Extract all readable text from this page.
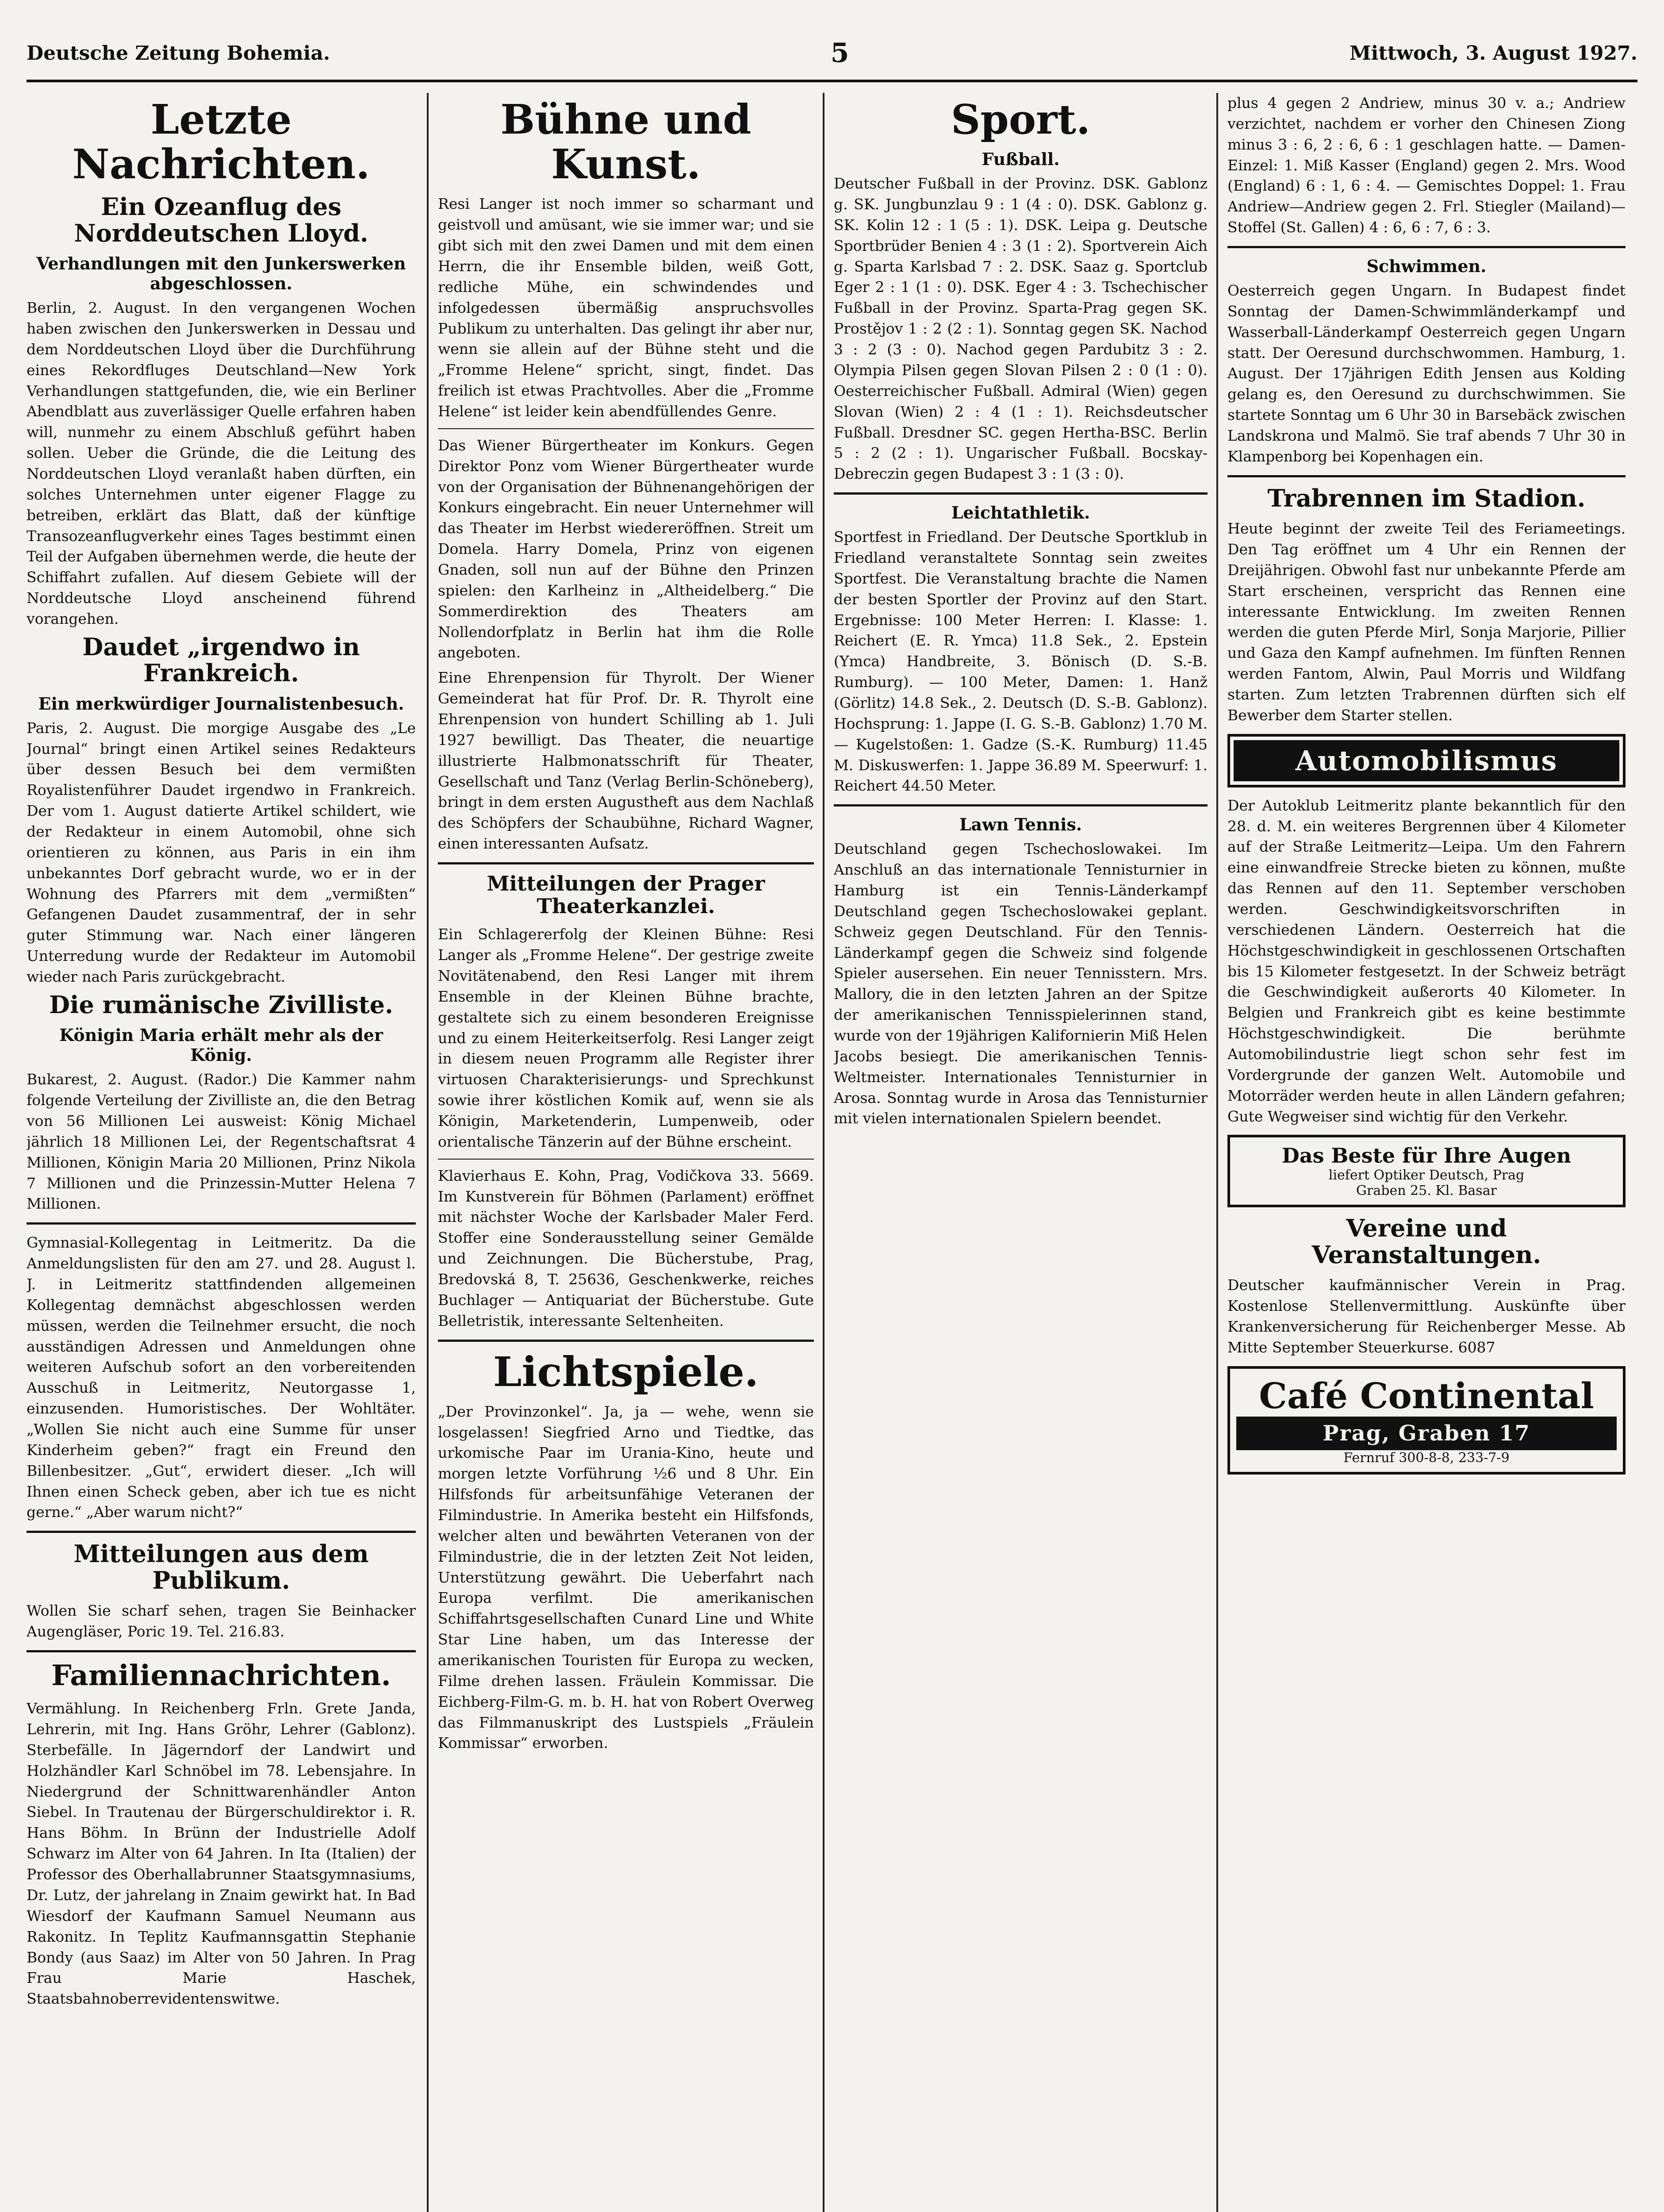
Deutsche Zeitung Bohemia.	5	Mittwoch, 3. August 1927.
Letzte Nachrichten.
Ein Ozeanflug des Norddeutschen Lloyd.
Verhandlungen mit den Junkerswerken abgeschlossen.

Berlin, 2. August. In den vergangenen Wochen haben zwischen den Junkerswerken in Dessau und dem Norddeutschen Lloyd über die Durchführung eines Rekordfluges Deutschland—New York Verhandlungen stattgefunden, die, wie ein Berliner Abendblatt aus zuverlässiger Quelle erfahren haben will, nunmehr zu einem Abschluß geführt haben sollen. Ueber die Gründe, die die Leitung des Norddeutschen Lloyd veranlaßt haben dürften, ein solches Unternehmen unter eigener Flagge zu betreiben, erklärt das Blatt, daß der künftige Transozeanflugverkehr eines Tages bestimmt einen Teil der Aufgaben übernehmen werde, die heute der Schiffahrt zufallen. Auf diesem Gebiete will der Norddeutsche Lloyd anscheinend führend vorangehen.

Daudet „irgendwo in Frankreich.
Ein merkwürdiger Journalistenbesuch.

Paris, 2. August. Die morgige Ausgabe des „Le Journal“ bringt einen Artikel seines Redakteurs über dessen Besuch bei dem vermißten Royalistenführer Daudet irgendwo in Frankreich. Der vom 1. August datierte Artikel schildert, wie der Redakteur in einem Automobil, ohne sich orientieren zu können, aus Paris in ein ihm unbekanntes Dorf gebracht wurde, wo er in der Wohnung des Pfarrers mit dem „vermißten“ Gefangenen Daudet zusammentraf, der in sehr guter Stimmung war. Nach einer längeren Unterredung wurde der Redakteur im Automobil wieder nach Paris zurückgebracht.

Die rumänische Zivilliste.
Königin Maria erhält mehr als der König.

Bukarest, 2. August. (Rador.) Die Kammer nahm folgende Verteilung der Zivilliste an, die den Betrag von 56 Millionen Lei ausweist: König Michael jährlich 18 Millionen Lei, der Regentschaftsrat 4 Millionen, Königin Maria 20 Millionen, Prinz Nikola 7 Millionen und die Prinzessin-Mutter Helena 7 Millionen.

Gymnasial-Kollegentag in Leitmeritz. Da die Anmeldungslisten für den am 27. und 28. August l. J. in Leitmeritz stattfindenden allgemeinen Kollegentag demnächst abgeschlossen werden müssen, werden die Teilnehmer ersucht, die noch ausständigen Adressen und Anmeldungen ohne weiteren Aufschub sofort an den vorbereitenden Ausschuß in Leitmeritz, Neutorgasse 1, einzusenden. Humoristisches. Der Wohltäter. „Wollen Sie nicht auch eine Summe für unser Kinderheim geben?“ fragt ein Freund den Billenbesitzer. „Gut“, erwidert dieser. „Ich will Ihnen einen Scheck geben, aber ich tue es nicht gerne.“ „Aber warum nicht?“

Mitteilungen aus dem Publikum.

Wollen Sie scharf sehen, tragen Sie Beinhacker Augengläser, Poric 19. Tel. 216.83.

Familiennachrichten.

Vermählung. In Reichenberg Frln. Grete Janda, Lehrerin, mit Ing. Hans Gröhr, Lehrer (Gablonz). Sterbefälle. In Jägerndorf der Landwirt und Holzhändler Karl Schnöbel im 78. Lebensjahre. In Niedergrund der Schnittwarenhändler Anton Siebel. In Trautenau der Bürgerschuldirektor i. R. Hans Böhm. In Brünn der Industrielle Adolf Schwarz im Alter von 64 Jahren. In Ita (Italien) der Professor des Oberhallabrunner Staatsgymnasiums, Dr. Lutz, der jahrelang in Znaim gewirkt hat. In Bad Wiesdorf der Kaufmann Samuel Neumann aus Rakonitz. In Teplitz Kaufmannsgattin Stephanie Bondy (aus Saaz) im Alter von 50 Jahren. In Prag Frau Marie Haschek, Staatsbahnoberrevidentenswitwe.

Bühne und Kunst.

Resi Langer ist noch immer so scharmant und geistvoll und amüsant, wie sie immer war; und sie gibt sich mit den zwei Damen und mit dem einen Herrn, die ihr Ensemble bilden, weiß Gott, redliche Mühe, ein schwindendes und infolgedessen übermäßig anspruchsvolles Publikum zu unterhalten. Das gelingt ihr aber nur, wenn sie allein auf der Bühne steht und die „Fromme Helene“ spricht, singt, findet. Das freilich ist etwas Prachtvolles. Aber die „Fromme Helene“ ist leider kein abendfüllendes Genre.

Das Wiener Bürgertheater im Konkurs. Gegen Direktor Ponz vom Wiener Bürgertheater wurde von der Organisation der Bühnenangehörigen der Konkurs eingebracht. Ein neuer Unternehmer will das Theater im Herbst wiedereröffnen. Streit um Domela. Harry Domela, Prinz von eigenen Gnaden, soll nun auf der Bühne den Prinzen spielen: den Karlheinz in „Altheidelberg.“ Die Sommerdirektion des Theaters am Nollendorfplatz in Berlin hat ihm die Rolle angeboten.

Eine Ehrenpension für Thyrolt. Der Wiener Gemeinderat hat für Prof. Dr. R. Thyrolt eine Ehrenpension von hundert Schilling ab 1. Juli 1927 bewilligt. Das Theater, die neuartige illustrierte Halbmonatsschrift für Theater, Gesellschaft und Tanz (Verlag Berlin-Schöneberg), bringt in dem ersten Augustheft aus dem Nachlaß des Schöpfers der Schaubühne, Richard Wagner, einen interessanten Aufsatz.

Mitteilungen der Prager Theaterkanzlei.

Ein Schlagererfolg der Kleinen Bühne: Resi Langer als „Fromme Helene“. Der gestrige zweite Novitätenabend, den Resi Langer mit ihrem Ensemble in der Kleinen Bühne brachte, gestaltete sich zu einem besonderen Ereignisse und zu einem Heiterkeitserfolg. Resi Langer zeigt in diesem neuen Programm alle Register ihrer virtuosen Charakterisierungs- und Sprechkunst sowie ihrer köstlichen Komik auf, wenn sie als Königin, Marketenderin, Lumpenweib, oder orientalische Tänzerin auf der Bühne erscheint.

Klavierhaus E. Kohn, Prag, Vodičkova 33. 5669. Im Kunstverein für Böhmen (Parlament) eröffnet mit nächster Woche der Karlsbader Maler Ferd. Stoffer eine Sonderausstellung seiner Gemälde und Zeichnungen. Die Bücherstube, Prag, Bredovská 8, T. 25636, Geschenkwerke, reiches Buchlager — Antiquariat der Bücherstube. Gute Belletristik, interessante Seltenheiten.

Lichtspiele.

„Der Provinzonkel“. Ja, ja — wehe, wenn sie losgelassen! Siegfried Arno und Tiedtke, das urkomische Paar im Urania-Kino, heute und morgen letzte Vorführung ½6 und 8 Uhr. Ein Hilfsfonds für arbeitsunfähige Veteranen der Filmindustrie. In Amerika besteht ein Hilfsfonds, welcher alten und bewährten Veteranen von der Filmindustrie, die in der letzten Zeit Not leiden, Unterstützung gewährt. Die Ueberfahrt nach Europa verfilmt. Die amerikanischen Schiffahrtsgesellschaften Cunard Line und White Star Line haben, um das Interesse der amerikanischen Touristen für Europa zu wecken, Filme drehen lassen. Fräulein Kommissar. Die Eichberg-Film-G. m. b. H. hat von Robert Overweg das Filmmanuskript des Lustspiels „Fräulein Kommissar“ erworben.

Sport.
Fußball.

Deutscher Fußball in der Provinz. DSK. Gablonz g. SK. Jungbunzlau 9 : 1 (4 : 0). DSK. Gablonz g. SK. Kolin 12 : 1 (5 : 1). DSK. Leipa g. Deutsche Sportbrüder Benien 4 : 3 (1 : 2). Sportverein Aich g. Sparta Karlsbad 7 : 2. DSK. Saaz g. Sportclub Eger 2 : 1 (1 : 0). DSK. Eger 4 : 3. Tschechischer Fußball in der Provinz. Sparta-Prag gegen SK. Prostějov 1 : 2 (2 : 1). Sonntag gegen SK. Nachod 3 : 2 (3 : 0). Nachod gegen Pardubitz 3 : 2. Olympia Pilsen gegen Slovan Pilsen 2 : 0 (1 : 0). Oesterreichischer Fußball. Admiral (Wien) gegen Slovan (Wien) 2 : 4 (1 : 1). Reichsdeutscher Fußball. Dresdner SC. gegen Hertha-BSC. Berlin 5 : 2 (2 : 1). Ungarischer Fußball. Bocskay-Debreczin gegen Budapest 3 : 1 (3 : 0).

Leichtathletik.

Sportfest in Friedland. Der Deutsche Sportklub in Friedland veranstaltete Sonntag sein zweites Sportfest. Die Veranstaltung brachte die Namen der besten Sportler der Provinz auf den Start. Ergebnisse: 100 Meter Herren: I. Klasse: 1. Reichert (E. R. Ymca) 11.8 Sek., 2. Epstein (Ymca) Handbreite, 3. Bönisch (D. S.-B. Rumburg). — 100 Meter, Damen: 1. Hanž (Görlitz) 14.8 Sek., 2. Deutsch (D. S.-B. Gablonz). Hochsprung: 1. Jappe (I. G. S.-B. Gablonz) 1.70 M. — Kugelstoßen: 1. Gadze (S.-K. Rumburg) 11.45 M. Diskuswerfen: 1. Jappe 36.89 M. Speerwurf: 1. Reichert 44.50 Meter.

Lawn Tennis.

Deutschland gegen Tschechoslowakei. Im Anschluß an das internationale Tennisturnier in Hamburg ist ein Tennis-Länderkampf Deutschland gegen Tschechoslowakei geplant. Schweiz gegen Deutschland. Für den Tennis-Länderkampf gegen die Schweiz sind folgende Spieler ausersehen. Ein neuer Tennisstern. Mrs. Mallory, die in den letzten Jahren an der Spitze der amerikanischen Tennisspielerinnen stand, wurde von der 19jährigen Kalifornierin Miß Helen Jacobs besiegt. Die amerikanischen Tennis-Weltmeister. Internationales Tennisturnier in Arosa. Sonntag wurde in Arosa das Tennisturnier mit vielen internationalen Spielern beendet.

plus 4 gegen 2 Andriew, minus 30 v. a.; Andriew verzichtet, nachdem er vorher den Chinesen Ziong minus 3 : 6, 2 : 6, 6 : 1 geschlagen hatte. — Damen-Einzel: 1. Miß Kasser (England) gegen 2. Mrs. Wood (England) 6 : 1, 6 : 4. — Gemischtes Doppel: 1. Frau Andriew—Andriew gegen 2. Frl. Stiegler (Mailand)—Stoffel (St. Gallen) 4 : 6, 6 : 7, 6 : 3.

Schwimmen.

Oesterreich gegen Ungarn. In Budapest findet Sonntag der Damen-Schwimmländerkampf und Wasserball-Länderkampf Oesterreich gegen Ungarn statt. Der Oeresund durchschwommen. Hamburg, 1. August. Der 17jährigen Edith Jensen aus Kolding gelang es, den Oeresund zu durchschwimmen. Sie startete Sonntag um 6 Uhr 30 in Barsebäck zwischen Landskrona und Malmö. Sie traf abends 7 Uhr 30 in Klampenborg bei Kopenhagen ein.

Trabrennen im Stadion.

Heute beginnt der zweite Teil des Feriameetings. Den Tag eröffnet um 4 Uhr ein Rennen der Dreijährigen. Obwohl fast nur unbekannte Pferde am Start erscheinen, verspricht das Rennen eine interessante Entwicklung. Im zweiten Rennen werden die guten Pferde Mirl, Sonja Marjorie, Pillier und Gaza den Kampf aufnehmen. Im fünften Rennen werden Fantom, Alwin, Paul Morris und Wildfang starten. Zum letzten Trabrennen dürften sich elf Bewerber dem Starter stellen.

Automobilismus

Der Autoklub Leitmeritz plante bekanntlich für den 28. d. M. ein weiteres Bergrennen über 4 Kilometer auf der Straße Leitmeritz—Leipa. Um den Fahrern eine einwandfreie Strecke bieten zu können, mußte das Rennen auf den 11. September verschoben werden. Geschwindigkeitsvorschriften in verschiedenen Ländern. Oesterreich hat die Höchstgeschwindigkeit in geschlossenen Ortschaften bis 15 Kilometer festgesetzt. In der Schweiz beträgt die Geschwindigkeit außerorts 40 Kilometer. In Belgien und Frankreich gibt es keine bestimmte Höchstgeschwindigkeit. Die berühmte Automobilindustrie liegt schon sehr fest im Vordergrunde der ganzen Welt. Automobile und Motorräder werden heute in allen Ländern gefahren; Gute Wegweiser sind wichtig für den Verkehr.

Das Beste für Ihre Augen
liefert Optiker Deutsch, Prag
Graben 25. Kl. Basar
Vereine und Veranstaltungen.

Deutscher kaufmännischer Verein in Prag. Kostenlose Stellenvermittlung. Auskünfte über Krankenversicherung für Reichenberger Messe. Ab Mitte September Steuerkurse. 6087

Café Continental
Prag, Graben 17
Fernruf 300-8-8, 233-7-9
